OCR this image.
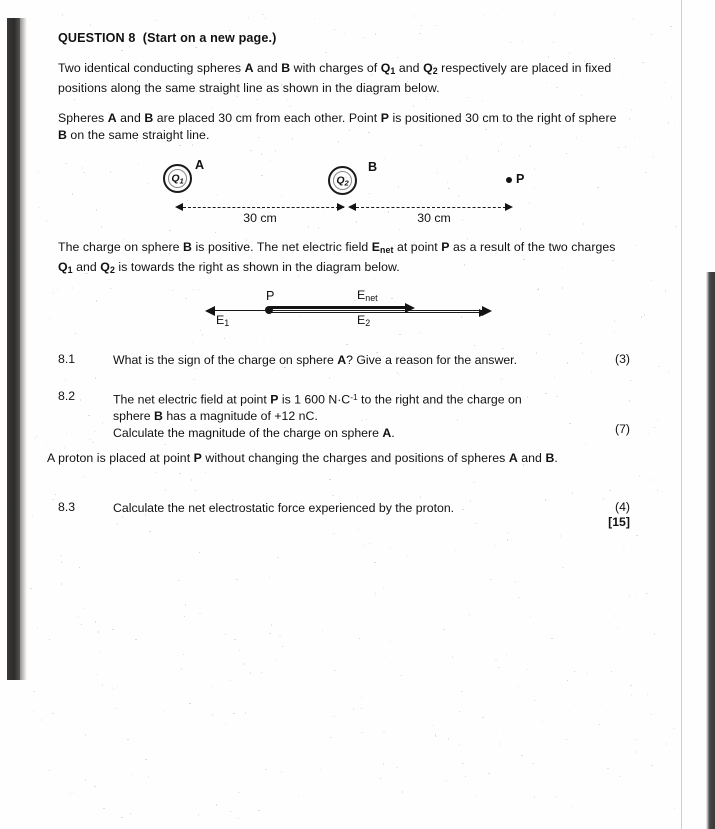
QUESTION 8 (Start on a new page.)
Two identical conducting spheres A and B with charges of $Q_1$ and $Q_2$ respectively are placed in fixed positions along the same straight line as shown in the diagram below.
Spheres A and B are placed 30 cm from each other. Point P is positioned 30 cm to the right of sphere B on the same straight line.
$Q_1$
A
$Q_2$
B
P
30 cm	30 cm
The charge on sphere B is positive. The net electric field $E_{net}$ at point P as a result of the two charges $Q_1$ and $Q_2$ is towards the right as shown in the diagram below.
$E_1$
P	$E_{net}$
$E_2$
8.1	What is the sign of the charge on sphere A? Give a reason for the answer.	(3)
8.2	The net electric field at point P is 1 600 $N\cdot C^{-1}$ to the right and the charge on
sphere B has a magnitude of +12 nC.
Calculate the magnitude of the charge on sphere A.	(7)
A proton is placed at point P without changing the charges and positions of spheres A and B.
8.3	Calculate the net electrostatic force experienced by the proton.	(4)
[15]
